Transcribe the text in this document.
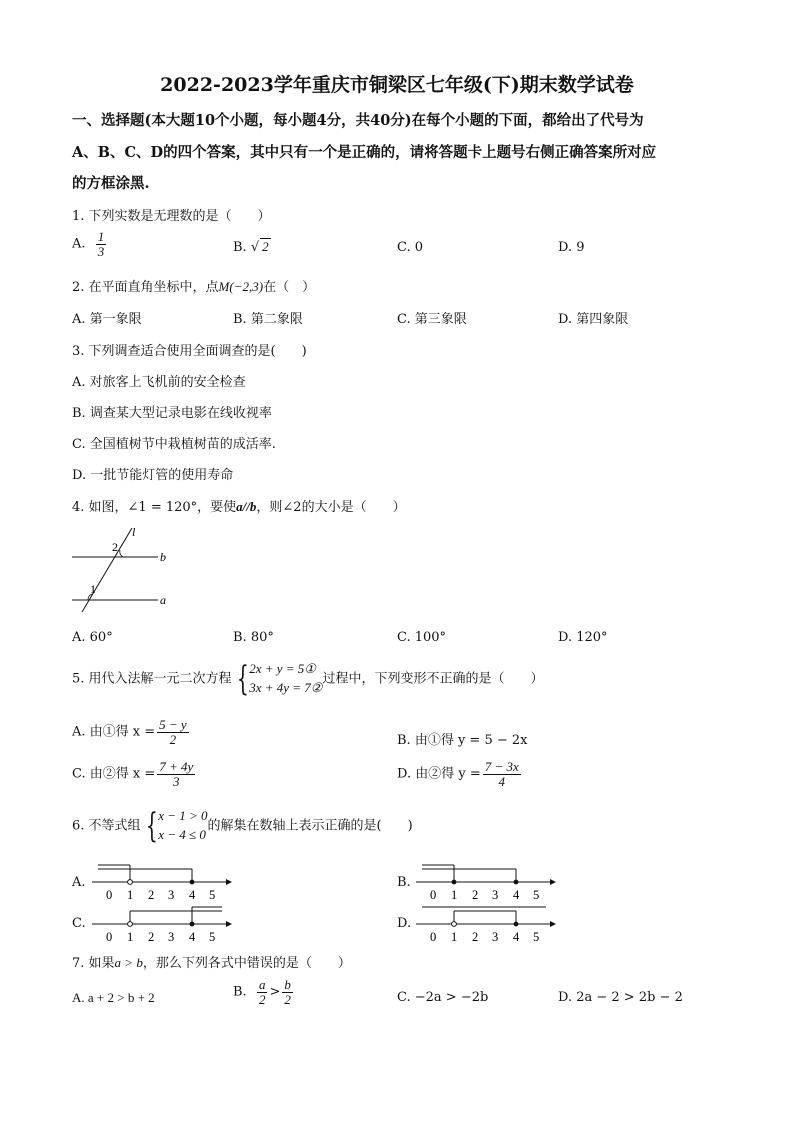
2022-2023学年重庆市铜梁区七年级(下)期末数学试卷
一、选择题(本大题10个小题，每小题4分，共40分)在每个小题的下面，都给出了代号为
A、B、C、D的四个答案，其中只有一个是正确的，请将答题卡上题号右侧正确答案所对应
的方框涂黑.
1. 下列实数是无理数的是（　　）
A. $\frac{1}{3}$	B. √ 2	C. 0	D. 9
2. 在平面直角坐标中，点M(−2,3)在（　）
A. 第一象限	B. 第二象限	C. 第三象限	D. 第四象限
3. 下列调查适合使用全面调查的是(　　)
A. 对旅客上飞机前的安全检查
B. 调查某大型记录电影在线收视率
C. 全国植树节中栽植树苗的成活率.
D. 一批节能灯管的使用寿命
4. 如图，∠1 = 120°，要使a//b，则∠2的大小是（　　）
l
b
a
2
1
A. 60°	B. 80°	C. 100°	D. 120°
5. 用代入法解一元二次方程 { 2x + y = 5①
3x + 4y = 7②
过程中，下列变形不正确的是（　　）
A. 由①得 $x = \frac{5 - y}{2}$	B. 由①得 y = 5 − 2x
C. 由②得 $x = \frac{7 + 4y}{3}$	D. 由②得 $y = \frac{7 - 3x}{4}$
6. 不等式组 { x − 1 > 0
x − 4 ≤ 0
的解集在数轴上表示正确的是(　　)
A.
0 1 2 3 4 5
B.
0 1 2 3 4 5
C.
0 1 2 3 4 5
D.
0 1 2 3 4 5
7. 如果a > b，那么下列各式中错误的是（　　）
A. a + 2 > b + 2	B. $\frac{a}{2} > \frac{b}{2}$	C. −2a > −2b	D. 2a − 2 > 2b − 2
